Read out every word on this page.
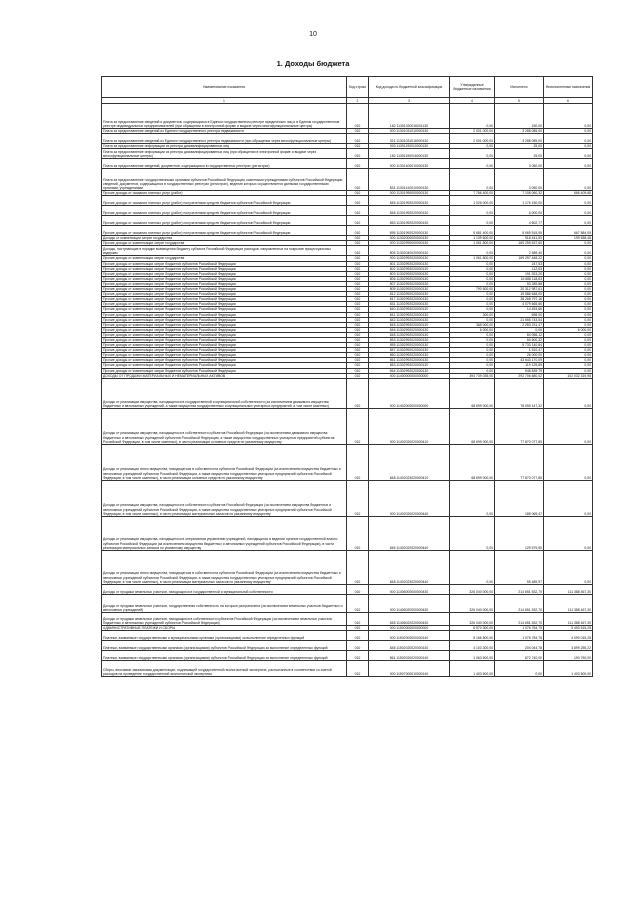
10
1. Доходы бюджета
Наименование показателя	Код строки	Код дохода по бюджетной классификации	Утвержденные бюджетные назначения	Исполнено	Неисполненные назначения
1	2	3	4	5	6
Плата за предоставление сведений и документов, содержащихся в Едином государственном реестре юридических лиц и в Едином государственном реестре индивидуальных предпринимателей (при обращении в электронной форме и выдаче через многофункциональные центры)	010	182 11301020016001130	0,00	150,00	0,00
Плата за предоставление сведений из Единого государственного реестра недвижимости	010	000 11301031010000130	2 001 000,00	3 288 085,00	0,00
Плата за предоставление сведений из Единого государственного реестра недвижимости (при обращении через многофункциональные центры)	010	321 11301031016000130	2 001 000,00	3 288 085,00	0,00
Плата за предоставление информации из реестра дисквалифицированных лиц	010	000 11301190010000130	0,00	25,00	0,00
Плата за предоставление информации из реестра дисквалифицированных лиц (при обращении в электронной форме и выдаче через многофункциональные центры)	010	182 11301190016000130	0,00	25,00	0,00
Плата за предоставление сведений, документов, содержащихся в государственных реестрах (регистрах)	010	000 11301400010000130	0,00	3 050,00	0,00
Плата за предоставление государственными органами субъектов Российской Федерации, казенными учреждениями субъектов Российской Федерации сведений, документов, содержащихся в государственных реестрах (регистрах), ведение которых осуществляется данными государственными органами, учреждениями	010	831 11301410010000130	0,00	3 050,00	0,00
Прочие доходы от оказания платных услуг (работ)	010	000 11301990000000130	7 766 400,00	7 108 060,32	666 409,68
Прочие доходы от оказания платных услуг (работ) получателями средств бюджетов субъектов Российской Федерации	010	845 11301992020000130	1 026 000,00	1 176 150,00	0,00
Прочие доходы от оказания платных услуг (работ) получателями средств бюджетов субъектов Российской Федерации	010	848 11301992020000130	0,00	6 000,00	0,00
Прочие доходы от оказания платных услуг (работ) получателями средств бюджетов субъектов Российской Федерации	010	853 11301992020000130	0,00	4 602,77	0,00
Прочие доходы от оказания платных услуг (работ) получателями средств бюджетов субъектов Российской Федерации	010	895 11301992020000130	5 681 400,00	5 069 515,95	667 884,05
Доходы от компенсации затрат государства	010	000 11302000000000130	1 109 600,00	918 441,50	199 558,48
Прочие доходы от компенсации затрат государства	010	000 11302990000000130	1 061 800,00	169 259 637,60	0,00
Доходы, поступающие в порядке возмещения бюджету субъекта Российской Федерации расходов, направленных на покрытие процессуальных издержек	010	805 11302040020000130	0,00	2 489,40	0,00
Прочие доходы от компенсации затрат государства	010	000 11302992020000130	1 061 800,00	169 257 448,22	0,00
Прочие доходы от компенсации затрат бюджетов субъектов Российской Федерации	010	801 11302992020000130	0,00	247,53	0,00
Прочие доходы от компенсации затрат бюджетов субъектов Российской Федерации	010	802 11302992020000130	0,00	112,63	0,00
Прочие доходы от компенсации затрат бюджетов субъектов Российской Федерации	010	803 11302992020000130	0,00	191 923,20	0,00
Прочие доходы от компенсации затрат бюджетов субъектов Российской Федерации	010	806 11302992020000130	0,00	16 688 118,63	0,00
Прочие доходы от компенсации затрат бюджетов субъектов Российской Федерации	010	807 11302992020000130	0,00	53 289,88	0,00
Прочие доходы от компенсации затрат бюджетов субъектов Российской Федерации	010	809 11302992020000130	790 500,00	20 312 987,61	0,00
Прочие доходы от компенсации затрат бюджетов субъектов Российской Федерации	010	812 11302992020000130	0,00	15 586 648,00	0,00
Прочие доходы от компенсации затрат бюджетов субъектов Российской Федерации	010	817 11302992020000130	0,00	38 268 797,16	0,00
Прочие доходы от компенсации затрат бюджетов субъектов Российской Федерации	010	831 11302992020000130	0,00	4 079 665,66	0,00
Прочие доходы от компенсации затрат бюджетов субъектов Российской Федерации	010	840 11302992020000130	0,00	14 453,66	0,00
Прочие доходы от компенсации затрат бюджетов субъектов Российской Федерации	010	841 11302992020000130	300,00	698,00	0,00
Прочие доходы от компенсации затрат бюджетов субъектов Российской Федерации	010	842 11302992020000130	0,00	21 655 743,54	0,00
Прочие доходы от компенсации затрат бюджетов субъектов Российской Федерации	010	845 11302992020000130	365 000,00	2 283 231,47	0,00
Прочие доходы от компенсации затрат бюджетов субъектов Российской Федерации	010	846 11302992020000130	6 000,00	0,00	6 000,00
Прочие доходы от компенсации затрат бюджетов субъектов Российской Федерации	010	848 11302992020000130	0,00	64 056,12	0,00
Прочие доходы от компенсации затрат бюджетов субъектов Российской Федерации	010	853 11302992020000130	0,00	60 600,32	0,00
Прочие доходы от компенсации затрат бюджетов субъектов Российской Федерации	010	855 11302992020000130	0,00	5 733 140,84	0,00
Прочие доходы от компенсации затрат бюджетов субъектов Российской Федерации	010	857 11302992020000130	0,00	1 510,47	0,00
Прочие доходы от компенсации затрат бюджетов субъектов Российской Федерации	010	860 11302992020000130	0,00	26 000,00	0,00
Прочие доходы от компенсации затрат бюджетов субъектов Российской Федерации	010	861 11302992020000130	0,00	43 643 170,09	0,00
Прочие доходы от компенсации затрат бюджетов субъектов Российской Федерации	010	863 11302992020000130	0,00	119 125,89	0,00
Прочие доходы от компенсации затрат бюджетов субъектов Российской Федерации	010	864 11302992020000130	0,00	548 839,79	0,00
ДОХОДЫ ОТ ПРОДАЖИ МАТЕРИАЛЬНЫХ И НЕМАТЕРИАЛЬНЫХ АКТИВОВ	010	000 11400000000000000	394 739 035,00	292 706 680,02	102 032 319,98
Доходы от реализации имущества, находящегося в государственной и муниципальной собственности (за исключением движимого имущества бюджетных и автономных учреждений, а также имущества государственных и муниципальных унитарных предприятий, в том числе казенных)	010	000 11402000000000000	68 699 000,00	78 055 147,32	0,00
Доходы от реализации имущества, находящегося в собственности субъектов Российской Федерации (за исключением движимого имущества бюджетных и автономных учреждений субъектов Российской Федерации, а также имущества государственных унитарных предприятий субъектов Российской Федерации, в том числе казенных), в части реализации основных средств по указанному имуществу	010	000 11402020020000410	68 699 000,00	77 870 077,85	0,00
Доходы от реализации иного имущества, находящегося в собственности субъектов Российской Федерации (за исключением имущества бюджетных и автономных учреждений субъектов Российской Федерации, а также имущества государственных унитарных предприятий субъектов Российской Федерации, в том числе казенных), в части реализации основных средств по указанному имуществу	010	848 11402023020000410	68 699 000,00	77 870 077,85	0,00
Доходы от реализации имущества, находящегося в собственности субъектов Российской Федерации (за исключением имущества бюджетных и автономных учреждений субъектов Российской Федерации, а также имущества государственных унитарных предприятий субъектов Российской Федерации, в том числе казенных), в части реализации материальных запасов по указанному имуществу	010	000 11402020020000440	0,00	185 069,47	0,00
Доходы от реализации имущества, находящегося в оперативном управлении учреждений, находящихся в ведении органов государственной власти субъектов Российской Федерации (за исключением имущества бюджетных и автономных учреждений субъектов Российской Федерации), в части реализации материальных запасов по указанному имуществу	010	846 11402022020000440	0,00	129 579,50	0,00
Доходы от реализации иного имущества, находящегося в собственности субъектов Российской Федерации (за исключением имущества бюджетных и автономных учреждений субъектов Российской Федерации, а также имущества государственных унитарных предприятий субъектов Российской Федерации, в том числе казенных), в части реализации материальных запасов по указанному имуществу	010	848 11402023020000440	0,00	55 489,97	0,00
Доходы от продажи земельных участков, находящихся в государственной и муниципальной собственности	010	000 11406000000000430	326 040 000,00	214 651 532,70	111 388 467,30
Доходы от продажи земельных участков, государственная собственность на которые разграничена (за исключением земельных участков бюджетных и автономных учреждений)	010	000 11406020000000430	326 040 000,00	214 651 532,70	111 388 467,30
Доходы от продажи земельных участков, находящихся в собственности субъектов Российской Федерации (за исключением земельных участков бюджетных и автономных учреждений субъектов Российской Федерации)	010	848 11406022020000430	326 040 000,00	214 651 532,70	111 388 467,30
АДМИНИСТРАТИВНЫЕ ПЛАТЕЖИ И СБОРЫ	010	000 11500000000000000	6 570 300,00	1 076 784,75	5 493 515,25
Платежи, взимаемые государственными и муниципальными органами (организациями) за выполнение определенных функций	010	000 11502000000000140	5 166 800,00	1 076 784,75	4 090 015,25
Платежи, взимаемые государственными органами (организациями) субъектов Российской Федерации за выполнение определенных функций	010	848 11502020020000140	4 103 300,00	204 044,78	3 899 255,22
Платежи, взимаемые государственными органами (организациями) субъектов Российской Федерации за выполнение определенных функций	010	861 11502020020000140	1 063 500,00	872 740,00	190 760,00
Сборы, вносимые заказчиками документации, подлежащей государственной экологической экспертизе, рассчитанные в соответствии со сметой расходов на проведение государственной экологической экспертизы	010	000 11507000010000140	1 403 500,00	0,00	1 403 500,00
